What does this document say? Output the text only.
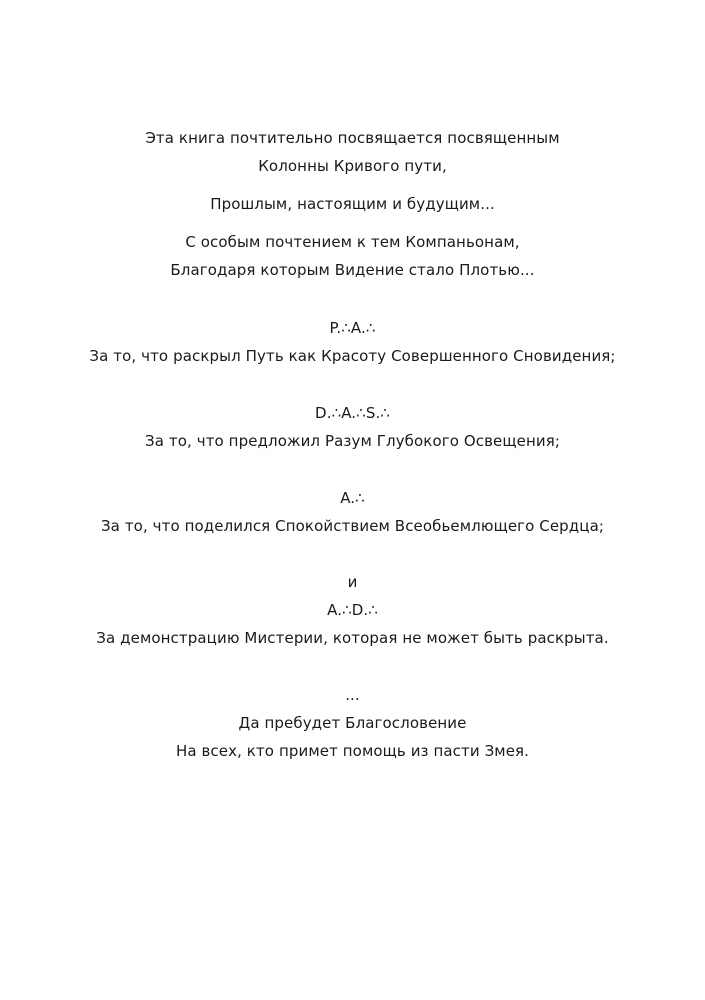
Эта книга почтительно посвящается посвященным
Колонны Кривого пути,
Прошлым, настоящим и будущим...
С особым почтением к тем Компаньонам,
Благодаря которым Видение стало Плотью...
P.∴A.∴
За то, что раскрыл Путь как Красоту Совершенного Сновидения;
D.∴A.∴S.∴
За то, что предложил Разум Глубокого Освещения;
A.∴
За то, что поделился Спокойствием Всеобьемлющего Сердца;
и
A.∴D.∴
За демонстрацию Мистерии, которая не может быть раскрыта.
...
Да пребудет Благословение
На всех, кто примет помощь из пасти Змея.
